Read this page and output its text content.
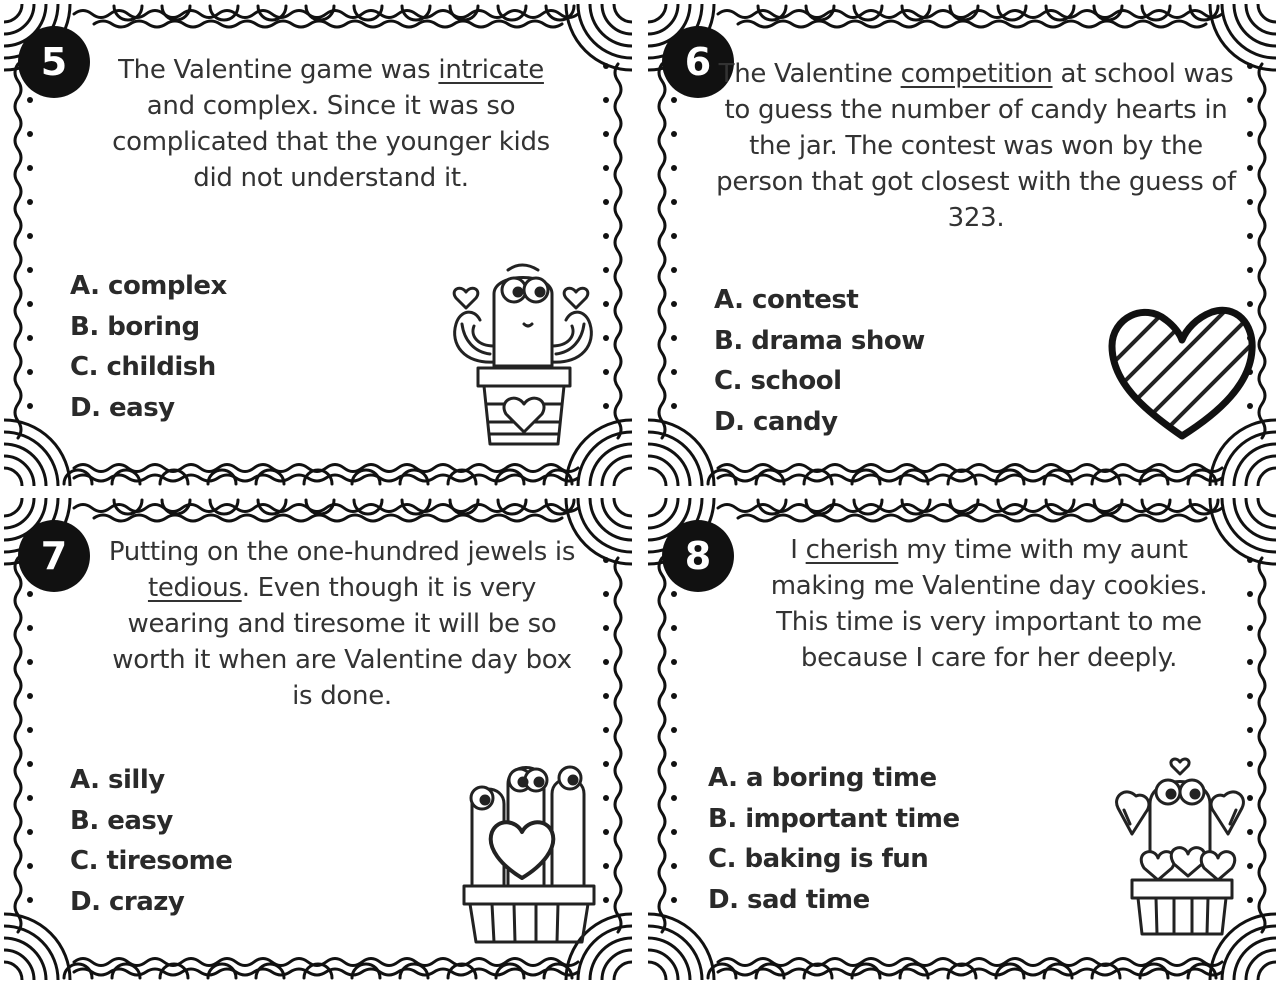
5	The Valentine game was intricate and complex. Since it was so complicated that the younger kids did not understand it.
A. complex
B. boring
C. childish
D. easy
6 The Valentine competition at school was to guess the number of candy hearts in the jar. The contest was won by the person that got closest with the guess of 323.
A. contest
B. drama show
C. school
D. candy
7	Putting on the one-hundred jewels is tedious. Even though it is very wearing and tiresome it will be so worth it when are Valentine day box is done.
A. silly
B. easy
C. tiresome
D. crazy
8	I cherish my time with my aunt making me Valentine day cookies. This time is very important to me because I care for her deeply.
A. a boring time
B. important time
C. baking is fun
D. sad time
